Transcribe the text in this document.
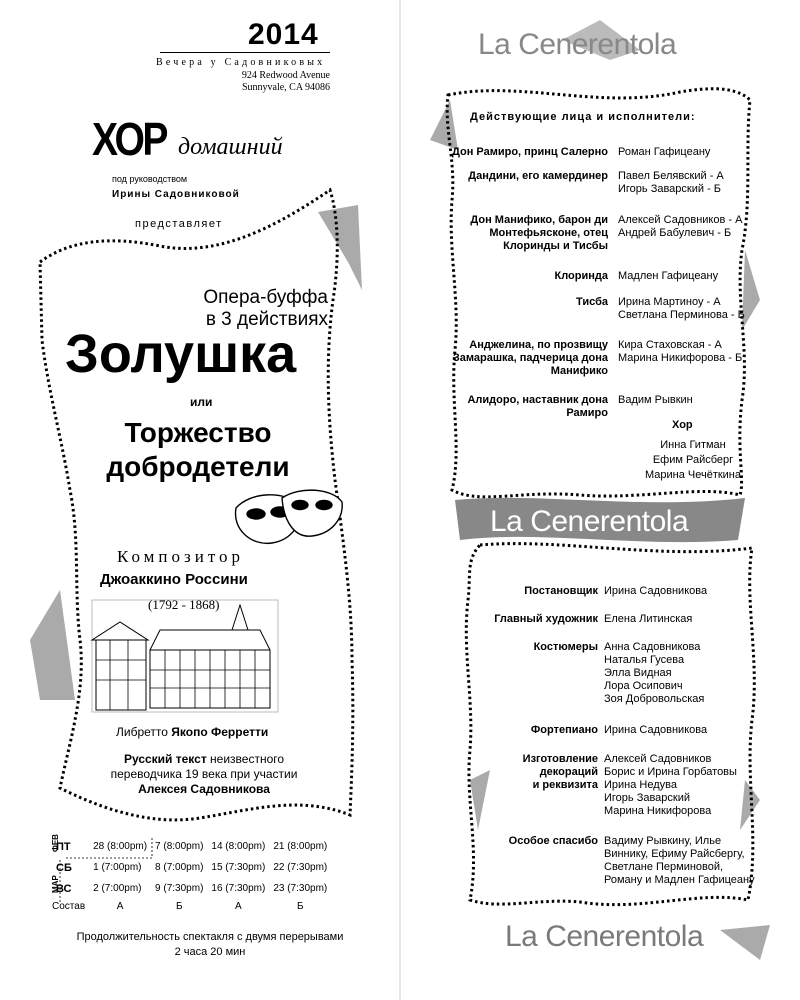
2014
Вечера у Садовниковых
924 Redwood Avenue
Sunnyvale, CA 94086
ХОР домашний
под руководством
Ирины Садовниковой
представляет
Опера-буффа
в 3 действиях
Золушка
или
Торжество
добродетели
Композитор
Джоаккино Россини
(1792 - 1868)
Либретто Якопо Ферретти
Русский текст неизвестного
переводчика 19 века при участии
Алексея Садовникова
ФЕВ
МАР
ПТ	28 (8:00pm)	7 (8:00pm)	14 (8:00pm)	21 (8:00pm)
СБ	1 (7:00pm)	8 (7:00pm)	15 (7:30pm)	22 (7:30pm)
ВС	2 (7:00pm)	9 (7:30pm)	16 (7:30pm)	23 (7:30pm)
Состав	А	Б	А	Б
Продолжительность спектакля с двумя перерывами
2 часа 20 мин
La Cenerentola
Действующие лица и исполнители:
Дон Рамиро, принц Салерно Роман Гафицеану
Дандини, его камердинер Павел Белявский - А
Игорь Заварский - Б
Дон Манифико, барон ди
Монтефьясконе, отец
Клоринды и Тисбы
Алексей Садовников - А
Андрей Бабулевич - Б
Клоринда Мадлен Гафицеану
Тисба Ирина Мартиноу - А
Светлана Перминова - Б
Анджелина, по прозвищу
Замарашка, падчерица дона
Манифико
Кира Стаховская - А
Марина Никифорова - Б
Алидоро, наставник дона
Рамиро
Вадим Рывкин
Хор
Инна Гитман
Ефим Райсберг
Марина Чечёткина
La Cenerentola
Постановщик Ирина Садовникова
Главный художник Елена Литинская
Костюмеры Анна Садовникова
Наталья Гусева
Элла Видная
Лора Осипович
Зоя Добровольская
Фортепиано Ирина Садовникова
Изготовление
декораций
и реквизита
Алексей Садовников
Борис и Ирина Горбатовы
Ирина Недува
Игорь Заварский
Марина Никифорова
Особое спасибо Вадиму Рывкину, Илье
Виннику, Ефиму Райсбергу,
Светлане Перминовой,
Роману и Мадлен Гафицеану
La Cenerentola
